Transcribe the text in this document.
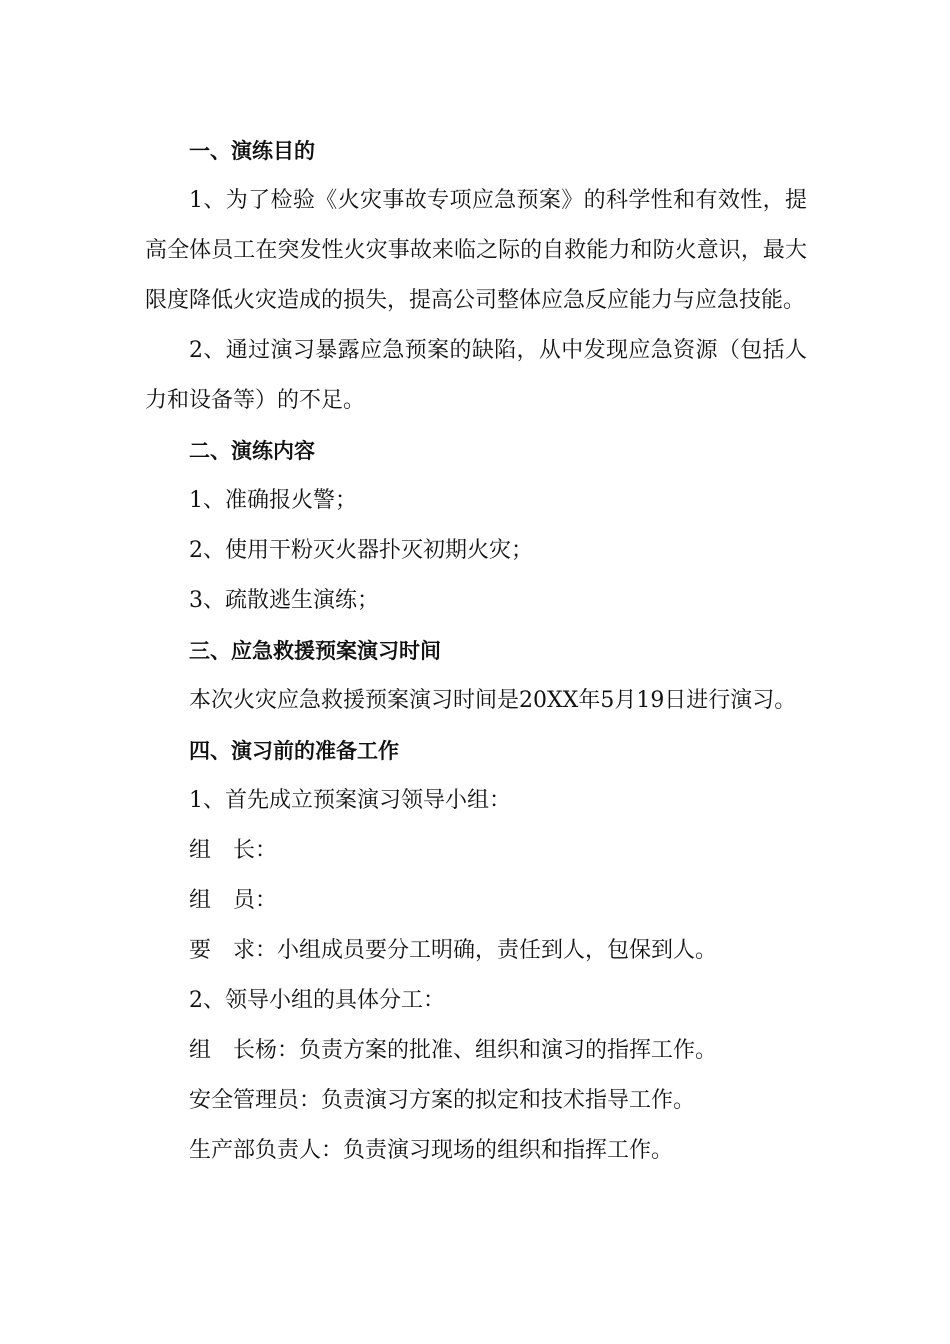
一、演练目的

1、为了检验《火灾事故专项应急预案》的科学性和有效性，提高全体员工在突发性火灾事故来临之际的自救能力和防火意识，最大限度降低火灾造成的损失，提高公司整体应急反应能力与应急技能。

2、通过演习暴露应急预案的缺陷，从中发现应急资源（包括人力和设备等）的不足。

二、演练内容

1、准确报火警；

2、使用干粉灭火器扑灭初期火灾；

3、疏散逃生演练；

三、应急救援预案演习时间

本次火灾应急救援预案演习时间是20XX年5月19日进行演习。

四、演习前的准备工作

1、首先成立预案演习领导小组：

组　长：

组　员：

要　求：小组成员要分工明确，责任到人，包保到人。

2、领导小组的具体分工：

组　长杨：负责方案的批准、组织和演习的指挥工作。

安全管理员：负责演习方案的拟定和技术指导工作。

生产部负责人：负责演习现场的组织和指挥工作。
